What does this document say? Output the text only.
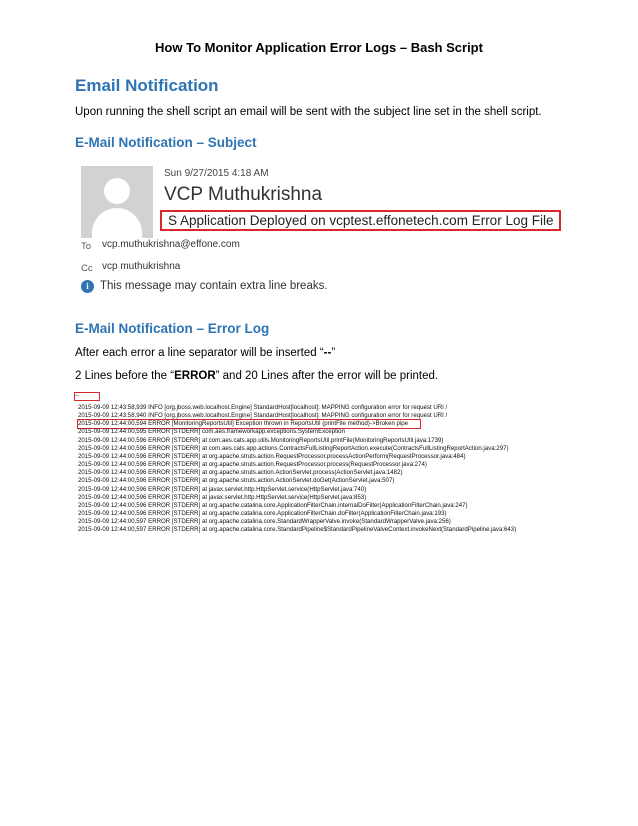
How To Monitor Application Error Logs – Bash Script
Email Notification
Upon running the shell script an email will be sent with the subject line set in the shell script.
E-Mail Notification – Subject
Sun 9/27/2015 4:18 AM
VCP Muthukrishna
S Application Deployed on vcptest.effonetech.com Error Log File
To vcp.muthukrishna@effone.com
Cc vcp muthukrishna
i This message may contain extra line breaks.
E-Mail Notification – Error Log
After each error a line separator will be inserted “--”
2 Lines before the “ERROR” and 20 Lines after the error will be printed.
--
2015-09-09 12:43:58,939 INFO [org.jboss.web.localhost.Engine] StandardHost[localhost]: MAPPING configuration error for request URI /
2015-09-09 12:43:58,940 INFO [org.jboss.web.localhost.Engine] StandardHost[localhost]: MAPPING configuration error for request URI /
2015-09-09 12:44:00,594 ERROR [MonitoringReportsUtil] Exception thrown in ReportsUtil (printFile method)->Broken pipe
2015-09-09 12:44:00,595 ERROR [STDERR] com.aes.frameworkapp.exceptions.SystemException
2015-09-09 12:44:00,596 ERROR [STDERR] at com.aes.cats.app.utils.MonitoringReportsUtil.printFile(MonitoringReportsUtil.java:1739)
2015-09-09 12:44:00,596 ERROR [STDERR] at com.aes.cats.app.actions.ContractsFullListingReportAction.execute(ContractsFullListingReportAction.java:297)
2015-09-09 12:44:00,596 ERROR [STDERR] at org.apache.struts.action.RequestProcessor.processActionPerform(RequestProcessor.java:484)
2015-09-09 12:44:00,596 ERROR [STDERR] at org.apache.struts.action.RequestProcessor.process(RequestProcessor.java:274)
2015-09-09 12:44:00,596 ERROR [STDERR] at org.apache.struts.action.ActionServlet.process(ActionServlet.java:1482)
2015-09-09 12:44:00,596 ERROR [STDERR] at org.apache.struts.action.ActionServlet.doGet(ActionServlet.java:507)
2015-09-09 12:44:00,596 ERROR [STDERR] at javax.servlet.http.HttpServlet.service(HttpServlet.java:740)
2015-09-09 12:44:00,596 ERROR [STDERR] at javax.servlet.http.HttpServlet.service(HttpServlet.java:853)
2015-09-09 12:44:00,596 ERROR [STDERR] at org.apache.catalina.core.ApplicationFilterChain.internalDoFilter(ApplicationFilterChain.java:247)
2015-09-09 12:44:00,596 ERROR [STDERR] at org.apache.catalina.core.ApplicationFilterChain.doFilter(ApplicationFilterChain.java:193)
2015-09-09 12:44:00,597 ERROR [STDERR] at org.apache.catalina.core.StandardWrapperValve.invoke(StandardWrapperValve.java:256)
2015-09-09 12:44:00,597 ERROR [STDERR] at org.apache.catalina.core.StandardPipeline$StandardPipelineValveContext.invokeNext(StandardPipeline.java:643)
